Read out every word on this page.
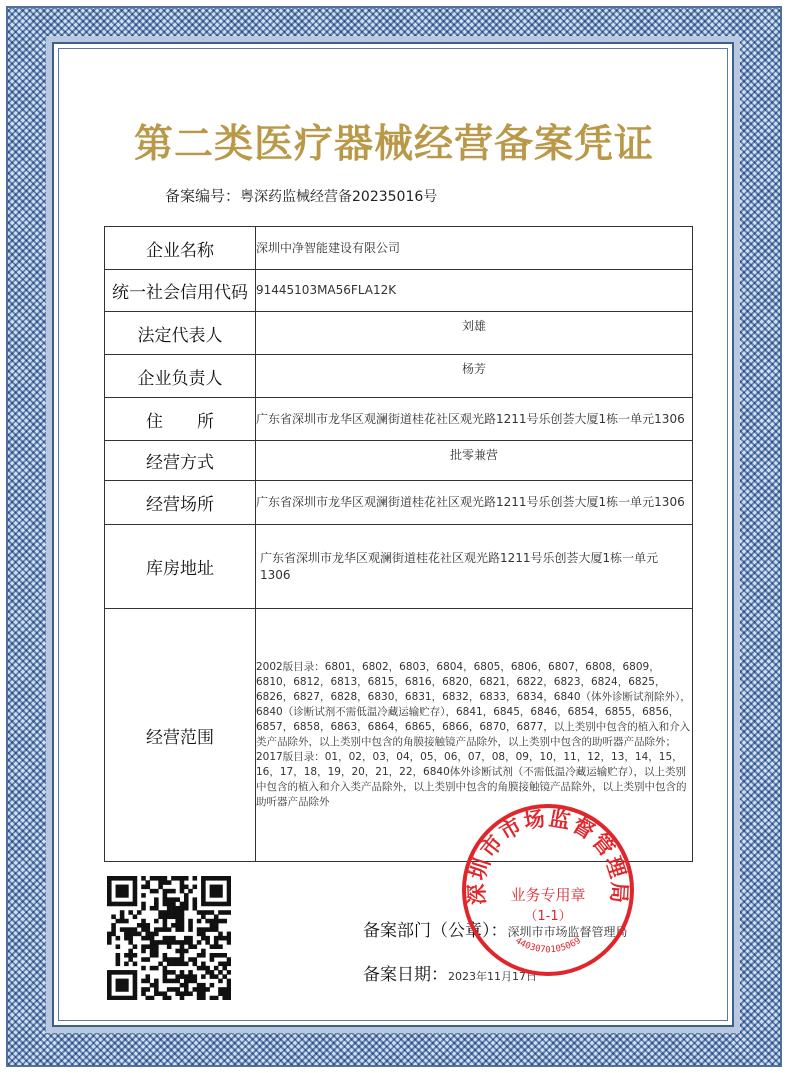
第二类医疗器械经营备案凭证
备案编号：粤深药监械经营备20235016号
企业名称	深圳中净智能建设有限公司
统一社会信用代码	91445103MA56FLA12K
法定代表人	刘雄
企业负责人	杨芳
住　　所	广东省深圳市龙华区观澜街道桂花社区观光路1211号乐创荟大厦1栋一单元1306
经营方式	批零兼营
经营场所	广东省深圳市龙华区观澜街道桂花社区观光路1211号乐创荟大厦1栋一单元1306
库房地址	广东省深圳市龙华区观澜街道桂花社区观光路1211号乐创荟大厦1栋一单元1306
经营范围	2002版目录：6801，6802，6803，6804，6805，6806，6807，6808，6809，6810，6812，6813，6815，6816，6820，6821，6822，6823，6824，6825，6826，6827，6828，6830，6831，6832，6833，6834，6840（体外诊断试剂除外），6840（诊断试剂不需低温冷藏运输贮存），6841，6845，6846，6854，6855，6856，6857，6858，6863，6864，6865，6866，6870，6877，以上类别中包含的植入和介入类产品除外，以上类别中包含的角膜接触镜产品除外，以上类别中包含的助听器产品除外；2017版目录：01，02，03，04，05，06，07，08，09，10，11，12，13，14，15，16，17，18，19，20，21，22，6840体外诊断试剂（不需低温冷藏运输贮存），以上类别中包含的植入和介入类产品除外，以上类别中包含的角膜接触镜产品除外，以上类别中包含的助听器产品除外
备案部门（公章）：深圳市市场监督管理局
备案日期：2023年11月17日
深圳市市场监督管理局
业务专用章
（1-1）
4403070105069
